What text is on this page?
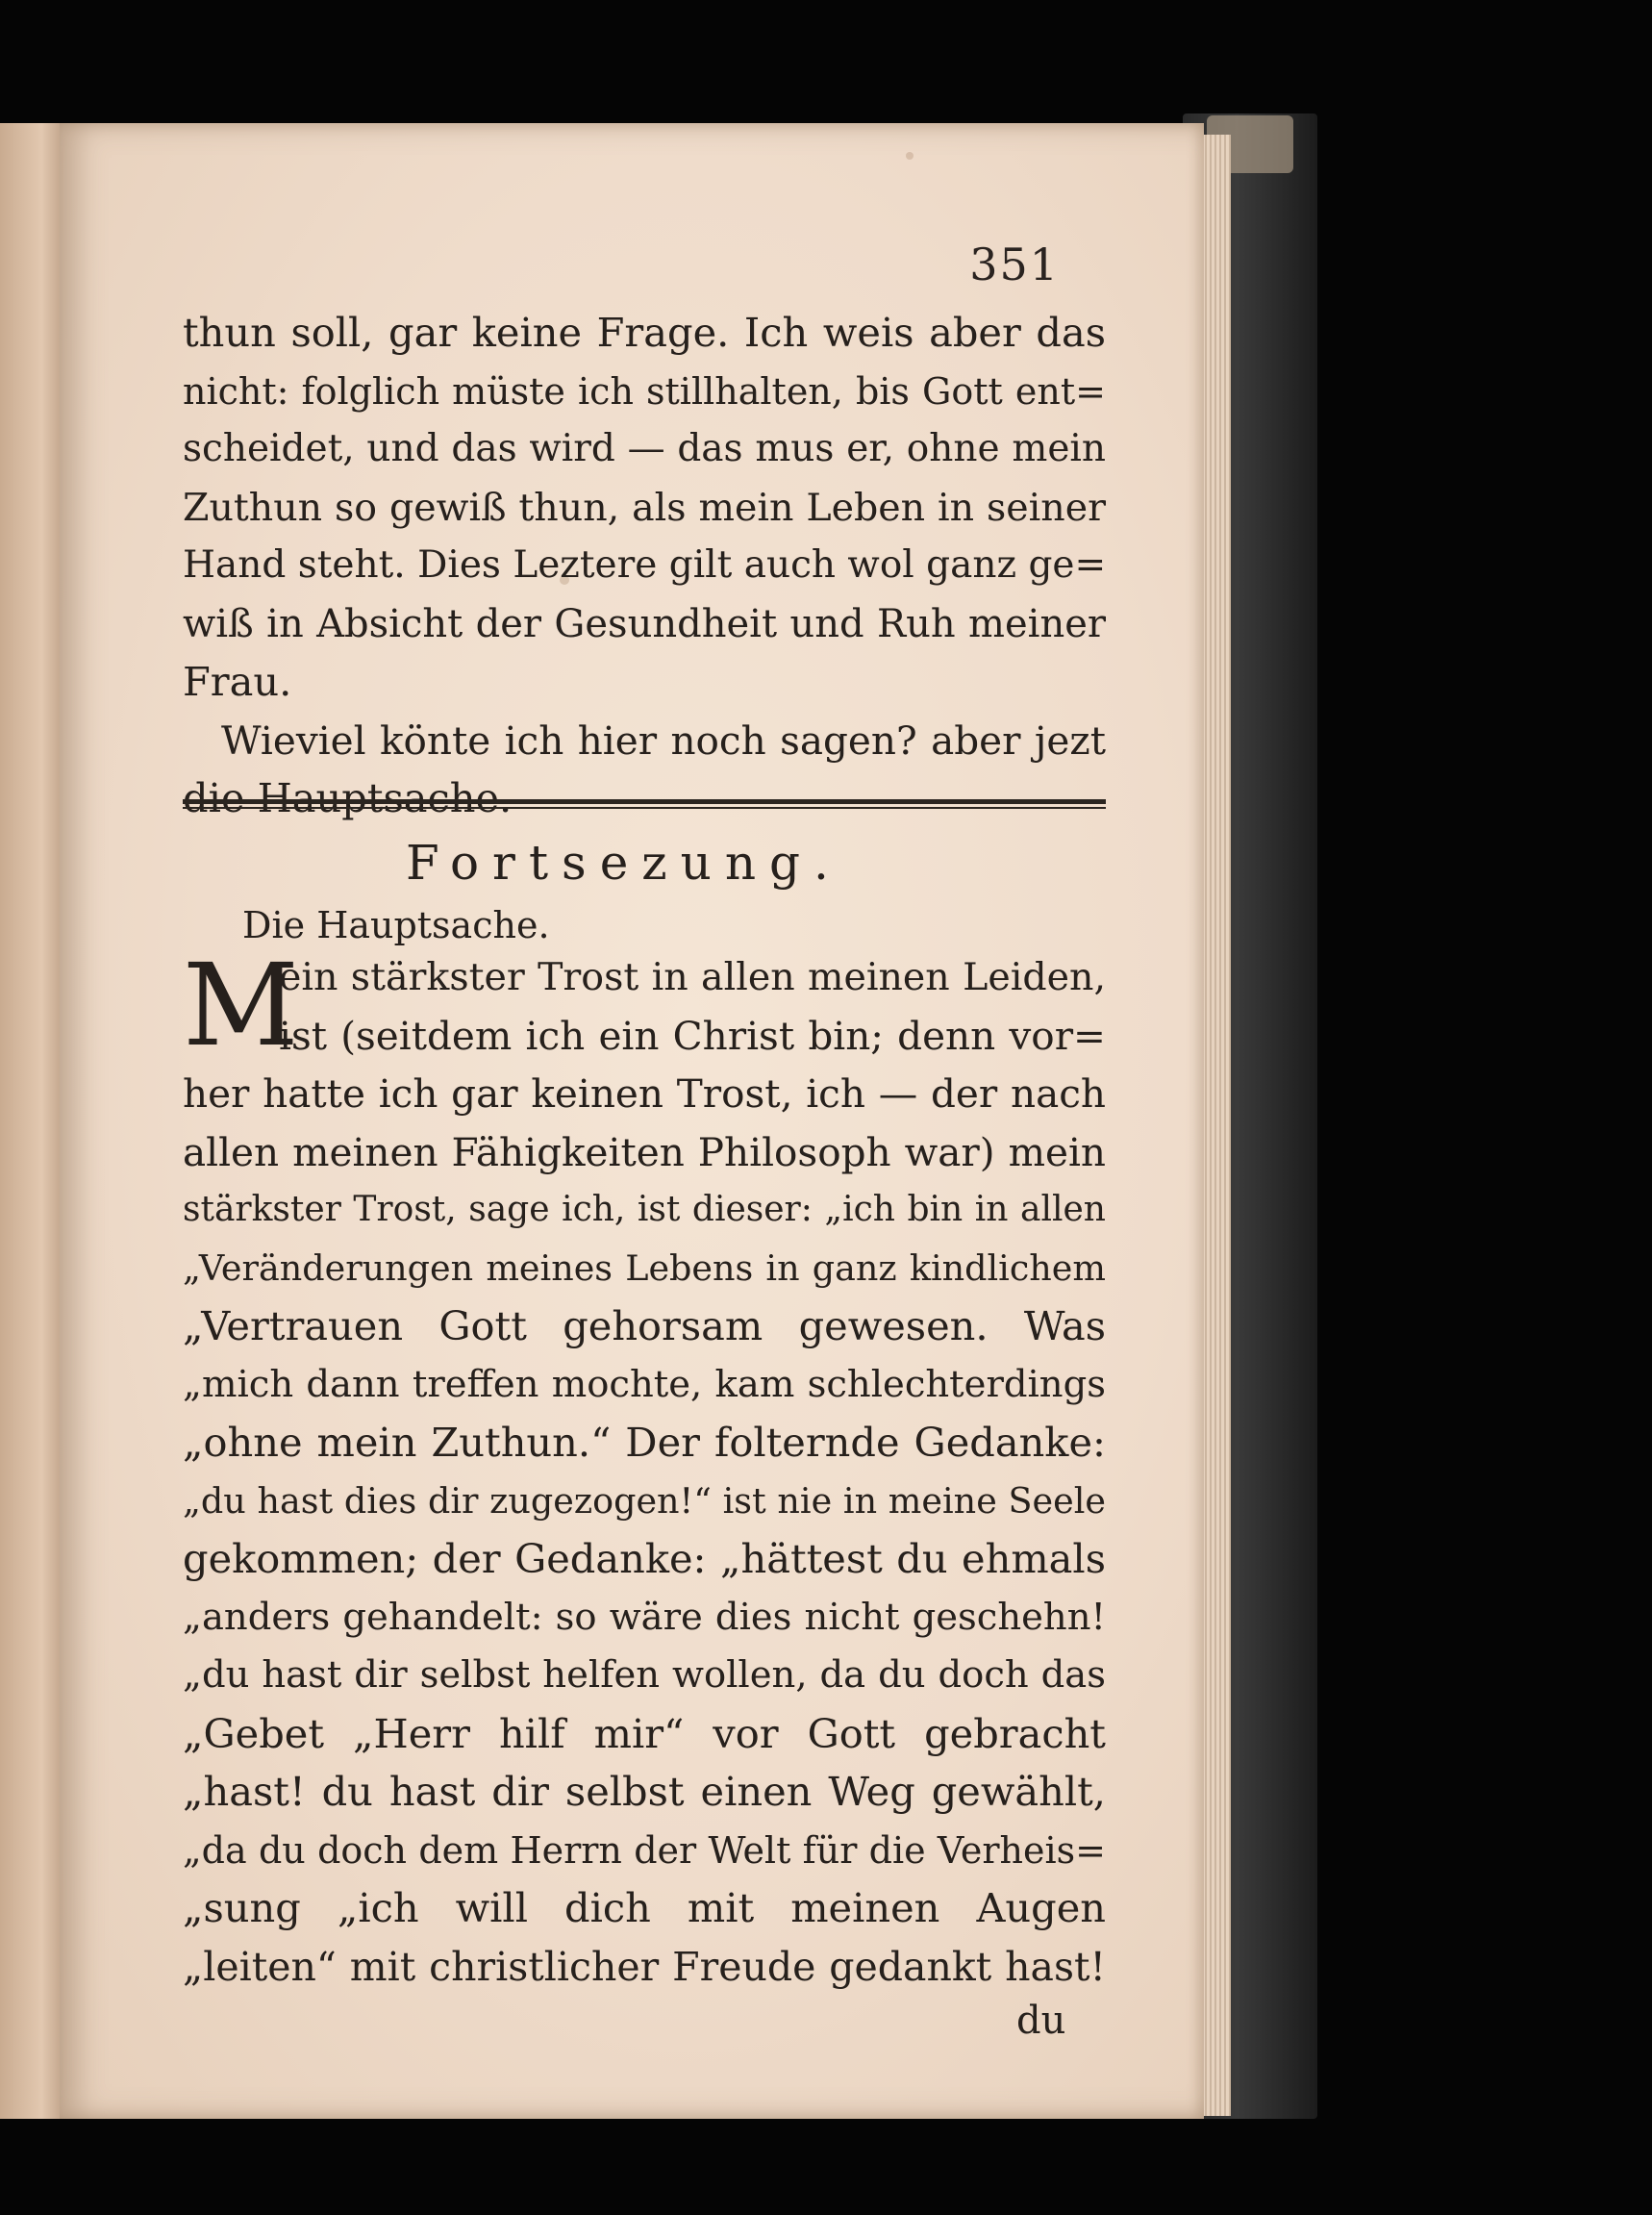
351
thun soll, gar keine Frage. Ich weis aber das
nicht: folglich müste ich stillhalten, bis Gott ent=
scheidet, und das wird — das mus er, ohne mein
Zuthun so gewiß thun, als mein Leben in seiner
Hand steht. Dies Leztere gilt auch wol ganz ge=
wiß in Absicht der Gesundheit und Ruh meiner
Frau.
Wieviel könte ich hier noch sagen? aber jezt
die Hauptsache.
Fortsezung.
Die Hauptsache.
M
ein stärkster Trost in allen meinen Leiden,
ist (seitdem ich ein Christ bin; denn vor=
her hatte ich gar keinen Trost, ich — der nach
allen meinen Fähigkeiten Philosoph war) mein
stärkster Trost, sage ich, ist dieser: „ich bin in allen
„Veränderungen meines Lebens in ganz kindlichem
„Vertrauen Gott gehorsam gewesen. Was
„mich dann treffen mochte, kam schlechterdings
„ohne mein Zuthun.“ Der folternde Gedanke:
„du hast dies dir zugezogen!“ ist nie in meine Seele
gekommen; der Gedanke: „hättest du ehmals
„anders gehandelt: so wäre dies nicht geschehn!
„du hast dir selbst helfen wollen, da du doch das
„Gebet „Herr hilf mir“ vor Gott gebracht
„hast! du hast dir selbst einen Weg gewählt,
„da du doch dem Herrn der Welt für die Verheis=
„sung „ich will dich mit meinen Augen
„leiten“ mit christlicher Freude gedankt hast!
du
